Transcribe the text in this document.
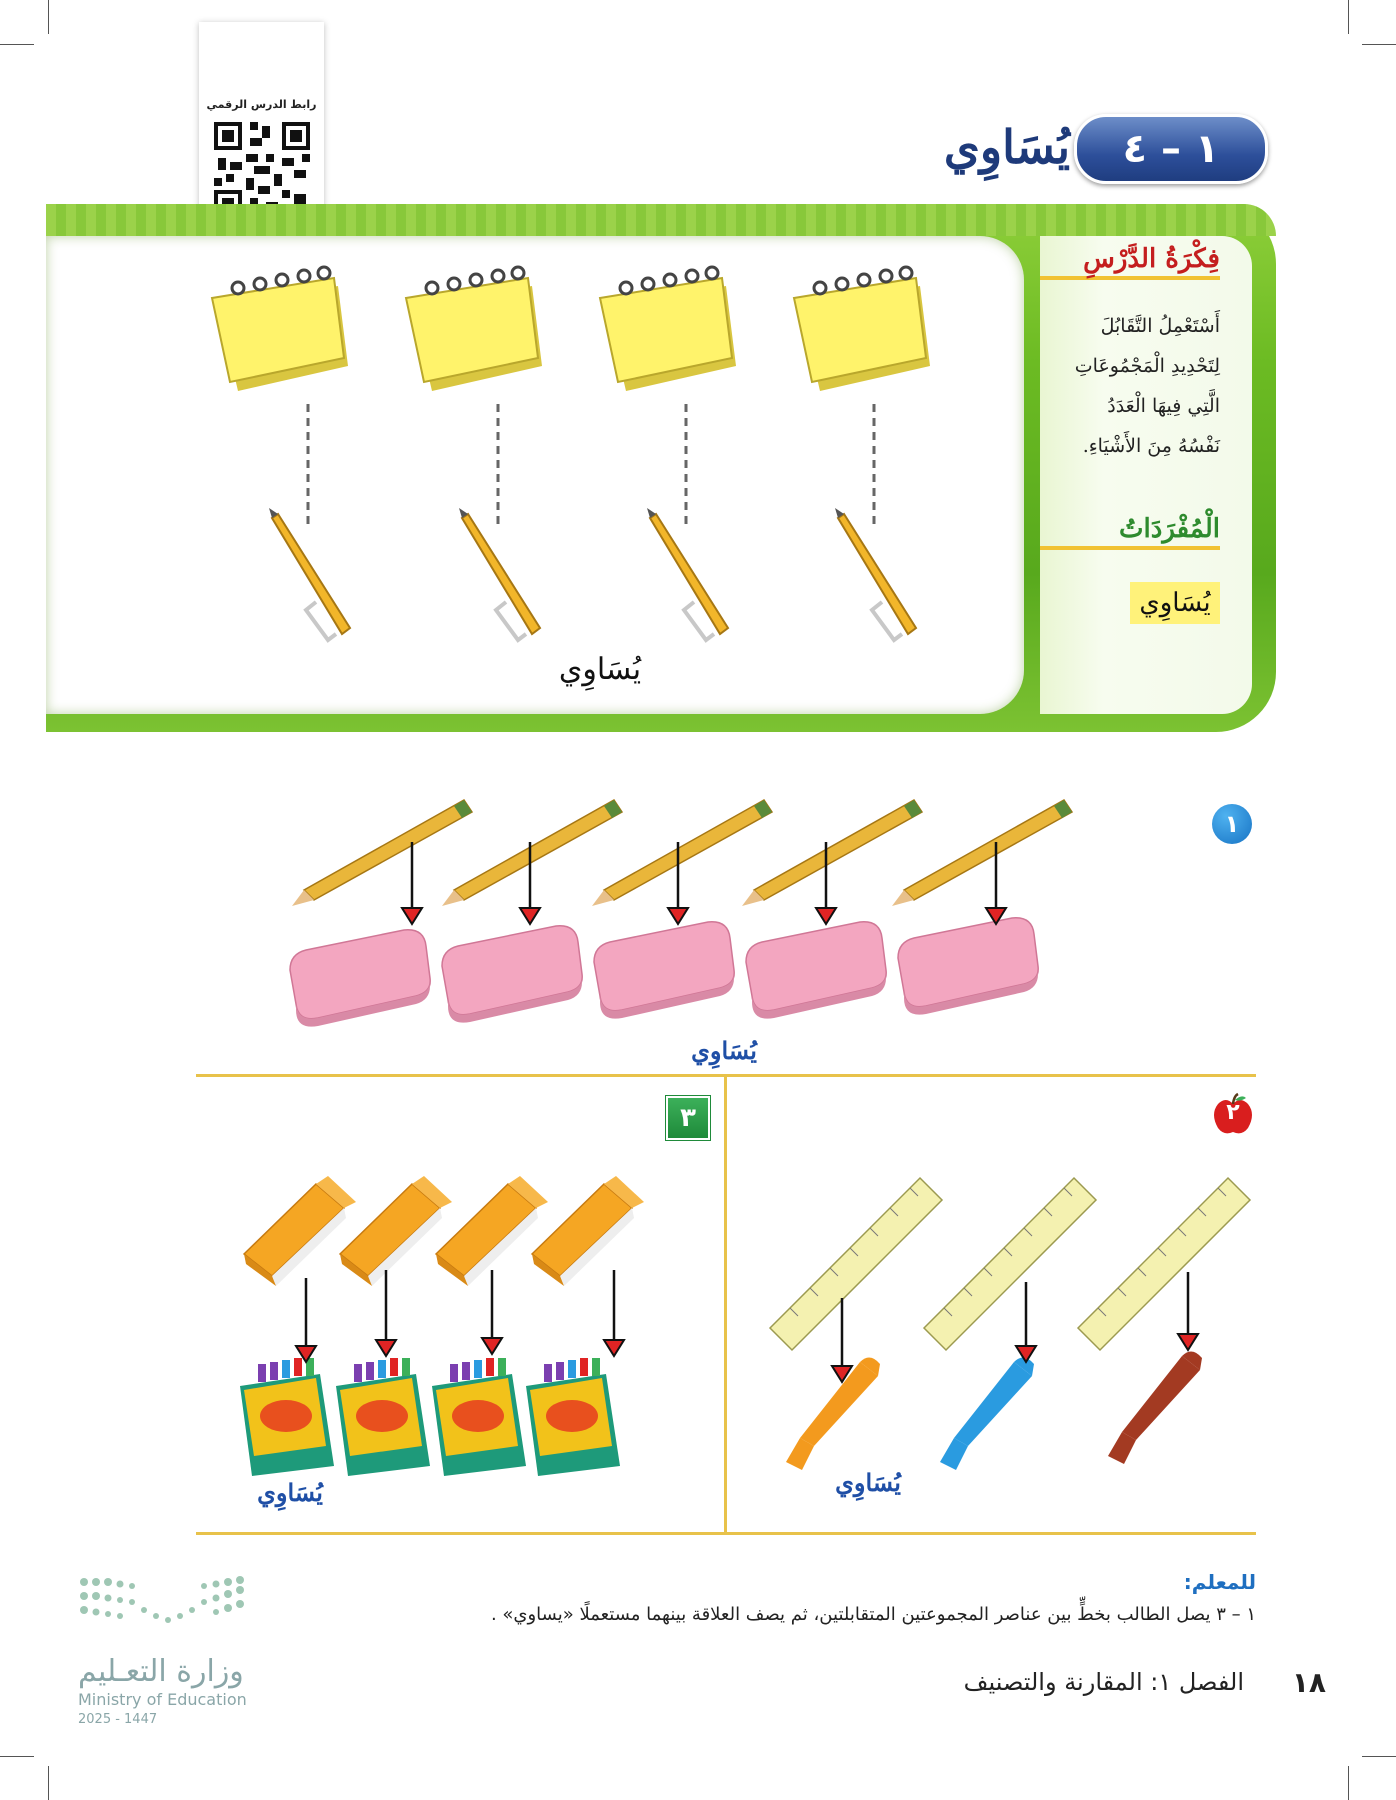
رابط الدرس الرقمي
١ – ٤
يُسَاوِي
فِكْرَةُ الدَّرْسِ
أَسْتَعْمِلُ التَّقَابُلَ
لِتَحْدِيدِ الْمَجْمُوعَاتِ
الَّتِي فِيهَا الْعَدَدُ
نَفْسُهُ مِنَ الأَشْيَاءِ.
الْمُفْرَدَاتُ
يُسَاوِي
يُسَاوِي
١
يُسَاوِي
٣
يُسَاوِي
٢
يُسَاوِي
للمعلم:
١ – ٣ يصل الطالب بخطٍّ بين عناصر المجموعتين المتقابلتين، ثم يصف العلاقة بينهما مستعملًا «يساوي» .
١٨
الفصل ١: المقارنة والتصنيف
وزارة التعـليم
Ministry of Education
2025 - 1447
